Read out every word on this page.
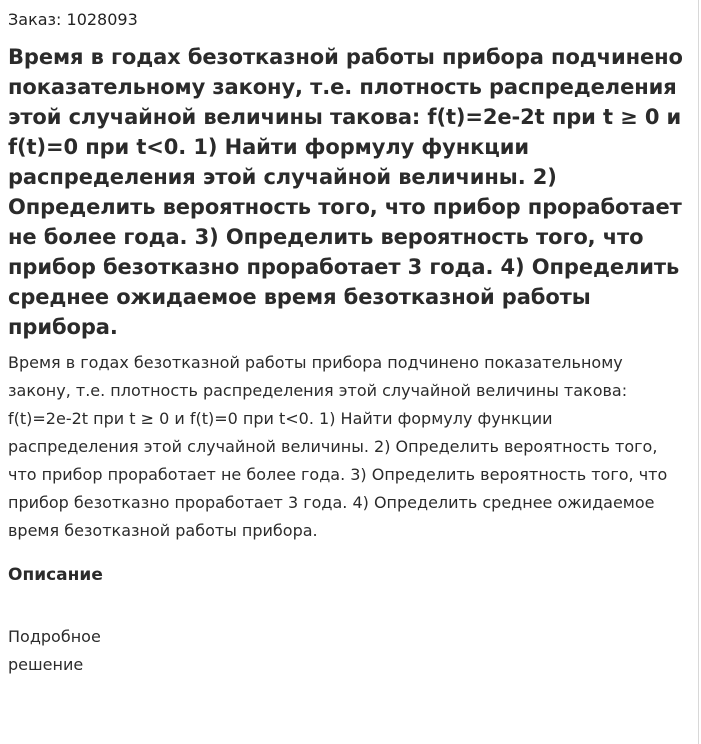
Заказ: 1028093
Время в годах безотказной работы прибора подчинено показательному закону, т.е. плотность распределения этой случайной величины такова: f(t)=2e-2t при t ≥ 0 и f(t)=0 при t<0. 1) Найти формулу функции распределения этой случайной величины. 2) Определить вероятность того, что прибор проработает не более года. 3) Определить вероятность того, что прибор безотказно проработает 3 года. 4) Определить среднее ожидаемое время безотказной работы прибора.

Время в годах безотказной работы прибора подчинено показательному закону, т.е. плотность распределения этой случайной величины такова: f(t)=2e-2t при t ≥ 0 и f(t)=0 при t<0. 1) Найти формулу функции распределения этой случайной величины. 2) Определить вероятность того, что прибор проработает не более года. 3) Определить вероятность того, что прибор безотказно проработает 3 года. 4) Определить среднее ожидаемое время безотказной работы прибора.

Описание

Подробное решение
